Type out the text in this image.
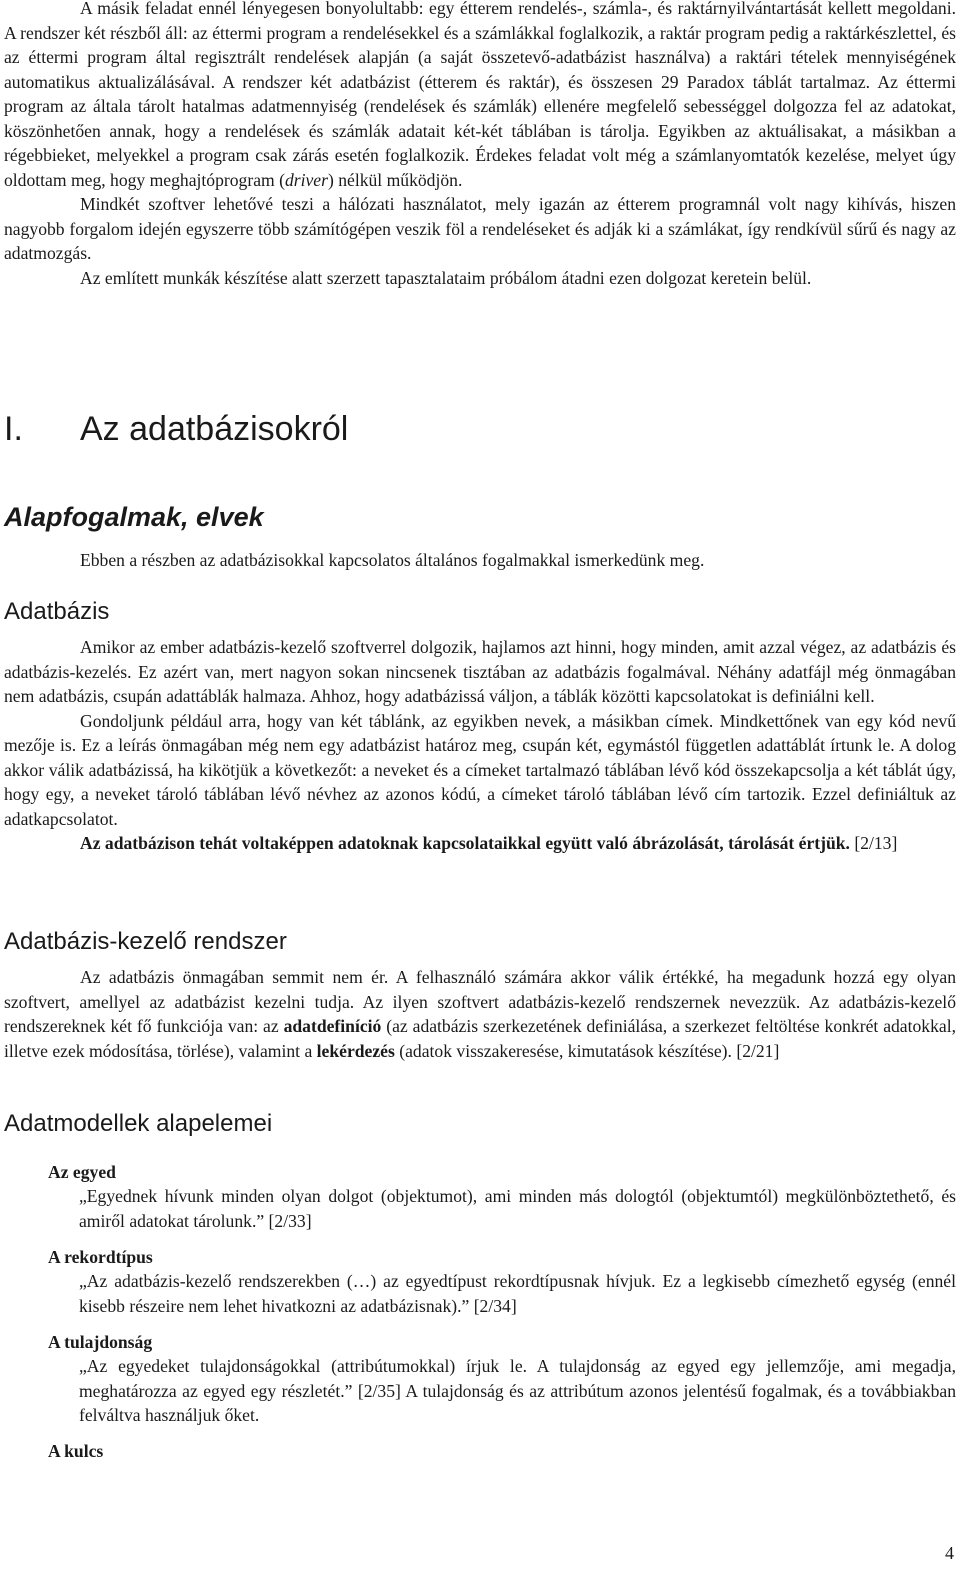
A másik feladat ennél lényegesen bonyolultabb: egy étterem rendelés-, számla-, és raktárnyilvántartását kellett megoldani. A rendszer két részből áll: az éttermi program a rendelésekkel és a számlákkal foglalkozik, a raktár program pedig a raktárkészlettel, és az éttermi program által regisztrált rendelések alapján (a saját összetevő-adatbázist használva) a raktári tételek mennyiségének automatikus aktualizálásával. A rendszer két adatbázist (étterem és raktár), és összesen 29 Paradox táblát tartalmaz. Az éttermi program az általa tárolt hatalmas adatmennyiség (rendelések és számlák) ellenére megfelelő sebességgel dolgozza fel az adatokat, köszönhetően annak, hogy a rendelések és számlák adatait két-két táblában is tárolja. Egyikben az aktuálisakat, a másikban a régebbieket, melyekkel a program csak zárás esetén foglalkozik. Érdekes feladat volt még a számlanyomtatók kezelése, melyet úgy oldottam meg, hogy meghajtóprogram (driver) nélkül működjön.

Mindkét szoftver lehetővé teszi a hálózati használatot, mely igazán az étterem programnál volt nagy kihívás, hiszen nagyobb forgalom idején egyszerre több számítógépen veszik föl a rendeléseket és adják ki a számlákat, így rendkívül sűrű és nagy az adatmozgás.

Az említett munkák készítése alatt szerzett tapasztalataim próbálom átadni ezen dolgozat keretein belül.

I. Az adatbázisokról
Alapfogalmak, elvek

Ebben a részben az adatbázisokkal kapcsolatos általános fogalmakkal ismerkedünk meg.

Adatbázis

Amikor az ember adatbázis-kezelő szoftverrel dolgozik, hajlamos azt hinni, hogy minden, amit azzal végez, az adatbázis és adatbázis-kezelés. Ez azért van, mert nagyon sokan nincsenek tisztában az adatbázis fogalmával. Néhány adatfájl még önmagában nem adatbázis, csupán adattáblák halmaza. Ahhoz, hogy adatbázissá váljon, a táblák közötti kapcsolatokat is definiálni kell.

Gondoljunk például arra, hogy van két táblánk, az egyikben nevek, a másikban címek. Mindkettőnek van egy kód nevű mezője is. Ez a leírás önmagában még nem egy adatbázist határoz meg, csupán két, egymástól független adattáblát írtunk le. A dolog akkor válik adatbázissá, ha kikötjük a következőt: a neveket és a címeket tartalmazó táblában lévő kód összekapcsolja a két táblát úgy, hogy egy, a neveket tároló táblában lévő névhez az azonos kódú, a címeket tároló táblában lévő cím tartozik. Ezzel definiáltuk az adatkapcsolatot.

Az adatbázison tehát voltaképpen adatoknak kapcsolataikkal együtt való ábrázolását, tárolását értjük. [2/13]

Adatbázis-kezelő rendszer

Az adatbázis önmagában semmit nem ér. A felhasználó számára akkor válik értékké, ha megadunk hozzá egy olyan szoftvert, amellyel az adatbázist kezelni tudja. Az ilyen szoftvert adatbázis-kezelő rendszernek nevezzük. Az adatbázis-kezelő rendszereknek két fő funkciója van: az adatdefiníció (az adatbázis szerkezetének definiálása, a szerkezet feltöltése konkrét adatokkal, illetve ezek módosítása, törlése), valamint a lekérdezés (adatok visszakeresése, kimutatások készítése). [2/21]

Adatmodellek alapelemei

Az egyed

„Egyednek hívunk minden olyan dolgot (objektumot), ami minden más dologtól (objektumtól) megkülönböztethető, és amiről adatokat tárolunk.” [2/33]

A rekordtípus

„Az adatbázis-kezelő rendszerekben (…) az egyedtípust rekordtípusnak hívjuk. Ez a legkisebb címezhető egység (ennél kisebb részeire nem lehet hivatkozni az adatbázisnak).” [2/34]

A tulajdonság

„Az egyedeket tulajdonságokkal (attribútumokkal) írjuk le. A tulajdonság az egyed egy jellemzője, ami megadja, meghatározza az egyed egy részletét.” [2/35] A tulajdonság és az attribútum azonos jelentésű fogalmak, és a továbbiakban felváltva használjuk őket.

A kulcs

4
